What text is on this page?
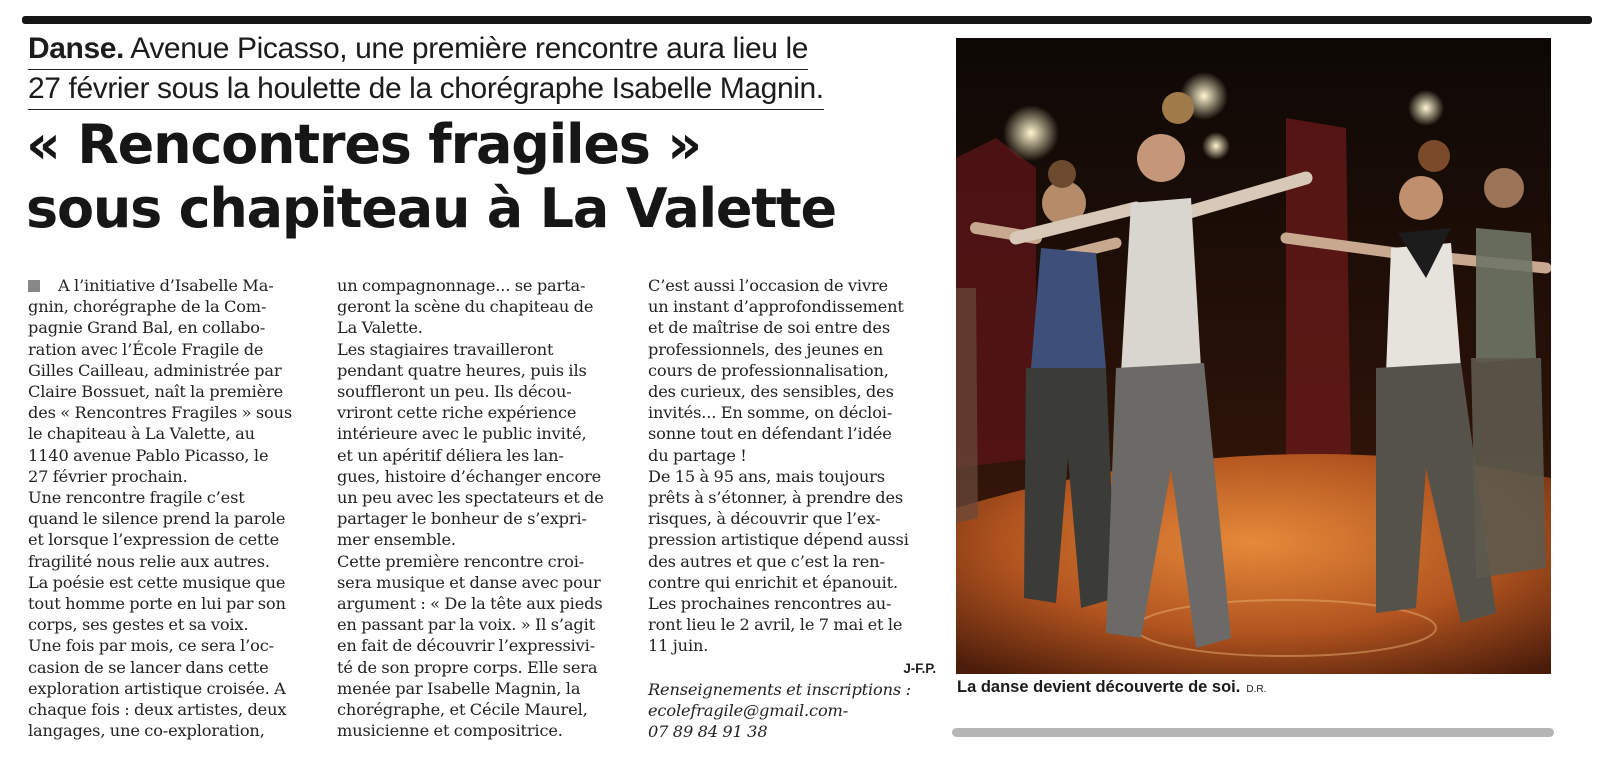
Danse. Avenue Picasso, une première rencontre aura lieu le
27 février sous la houlette de la chorégraphe Isabelle Magnin.
« Rencontres fragiles »
sous chapiteau à La Valette

A l’initiative d’Isabelle Ma-
gnin, chorégraphe de la Com-
pagnie Grand Bal, en collabo-
ration avec l’École Fragile de
Gilles Cailleau, administrée par
Claire Bossuet, naît la première
des « Rencontres Fragiles » sous
le chapiteau à La Valette, au
1140 avenue Pablo Picasso, le
27 février prochain.
Une rencontre fragile c’est
quand le silence prend la parole
et lorsque l’expression de cette
fragilité nous relie aux autres.
La poésie est cette musique que
tout homme porte en lui par son
corps, ses gestes et sa voix.
Une fois par mois, ce sera l’oc-
casion de se lancer dans cette
exploration artistique croisée. A
chaque fois : deux artistes, deux
langages, une co-exploration,

un compagnonnage... se parta-
geront la scène du chapiteau de
La Valette.
Les stagiaires travailleront
pendant quatre heures, puis ils
souffleront un peu. Ils décou-
vriront cette riche expérience
intérieure avec le public invité,
et un apéritif déliera les lan-
gues, histoire d’échanger encore
un peu avec les spectateurs et de
partager le bonheur de s’expri-
mer ensemble.
Cette première rencontre croi-
sera musique et danse avec pour
argument : « De la tête aux pieds
en passant par la voix. » Il s’agit
en fait de découvrir l’expressivi-
té de son propre corps. Elle sera
menée par Isabelle Magnin, la
chorégraphe, et Cécile Maurel,
musicienne et compositrice.

C’est aussi l’occasion de vivre
un instant d’approfondissement
et de maîtrise de soi entre des
professionnels, des jeunes en
cours de professionnalisation,
des curieux, des sensibles, des
invités... En somme, on décloi-
sonne tout en défendant l’idée
du partage !
De 15 à 95 ans, mais toujours
prêts à s’étonner, à prendre des
risques, à découvrir que l’ex-
pression artistique dépend aussi
des autres et que c’est la ren-
contre qui enrichit et épanouit.
Les prochaines rencontres au-
ront lieu le 2 avril, le 7 mai et le
11 juin.

J-F.P.

Renseignements et inscriptions :
ecolefragile@gmail.com-
07 89 84 91 38

La danse devient découverte de soi. D.R.
